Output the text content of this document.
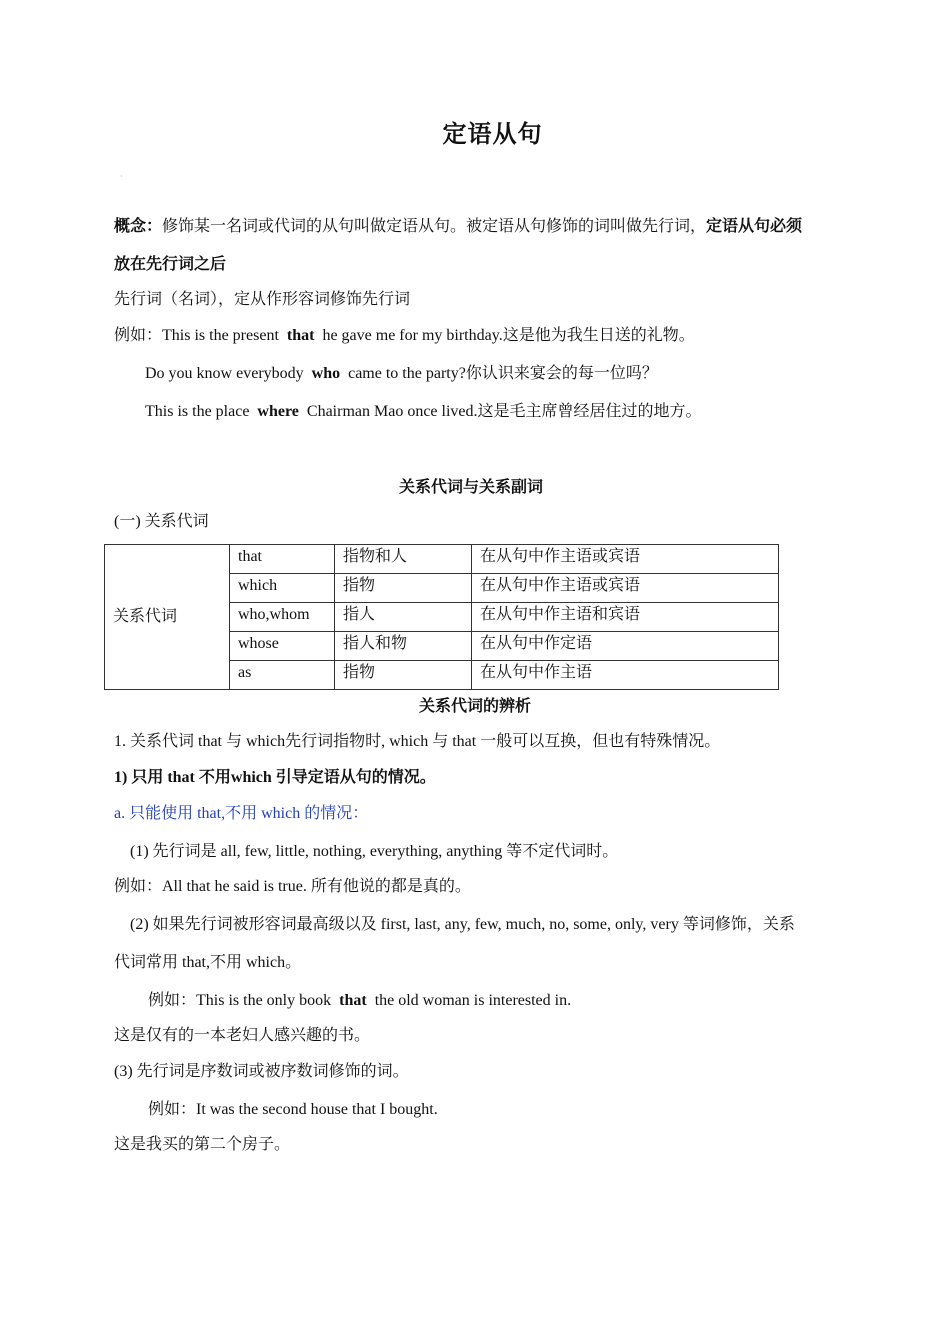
定语从句
·
概念：修饰某一名词或代词的从句叫做定语从句。被定语从句修饰的词叫做先行词，定语从句必须
放在先行词之后
先行词（名词），定从作形容词修饰先行词
例如：This is the present that he gave me for my birthday.这是他为我生日送的礼物。
Do you know everybody who came to the party?你认识来宴会的每一位吗？
This is the place where Chairman Mao once lived.这是毛主席曾经居住过的地方。
关系代词与关系副词
(一) 关系代词
关系代词	that	指物和人	在从句中作主语或宾语
	which	指物	在从句中作主语或宾语
	who,whom	指人	在从句中作主语和宾语
	whose	指人和物	在从句中作定语
	as	指物	在从句中作主语
关系代词的辨析
1. 关系代词 that 与 which先行词指物时, which 与 that 一般可以互换，但也有特殊情况。
1) 只用 that 不用which 引导定语从句的情况。
a. 只能使用 that,不用 which 的情况：
(1) 先行词是 all, few, little, nothing, everything, anything 等不定代词时。
例如：All that he said is true. 所有他说的都是真的。
(2) 如果先行词被形容词最高级以及 first, last, any, few, much, no, some, only, very 等词修饰，关系
代词常用 that,不用 which。
例如：This is the only book that the old woman is interested in.
这是仅有的一本老妇人感兴趣的书。
(3) 先行词是序数词或被序数词修饰的词。
例如：It was the second house that I bought.
这是我买的第二个房子。
